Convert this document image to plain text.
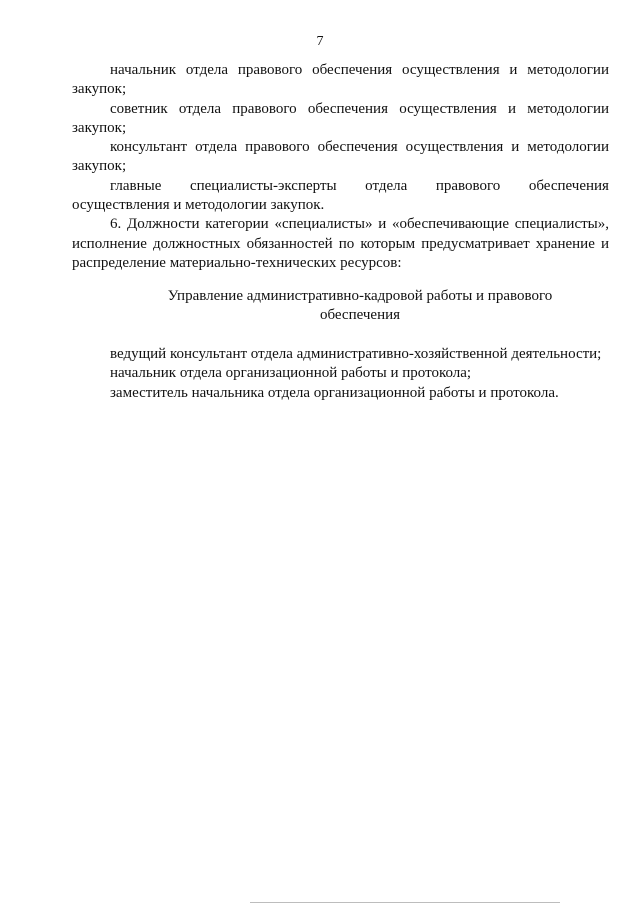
7

начальник отдела правового обеспечения осуществления и методологии

закупок;

советник отдела правового обеспечения осуществления и методологии

закупок;

консультант отдела правового обеспечения осуществления и методологии

закупок;

главные специалисты-эксперты отдела правового обеспечения

осуществления и методологии закупок.

6. Должности категории «специалисты» и «обеспечивающие специалисты», исполнение должностных обязанностей по которым предусматривает хранение и распределение материально-технических ресурсов:

Управление административно-кадровой работы и правового
обеспечения

ведущий консультант отдела административно-хозяйственной деятельности;

начальник отдела организационной работы и протокола;

заместитель начальника отдела организационной работы и протокола.
